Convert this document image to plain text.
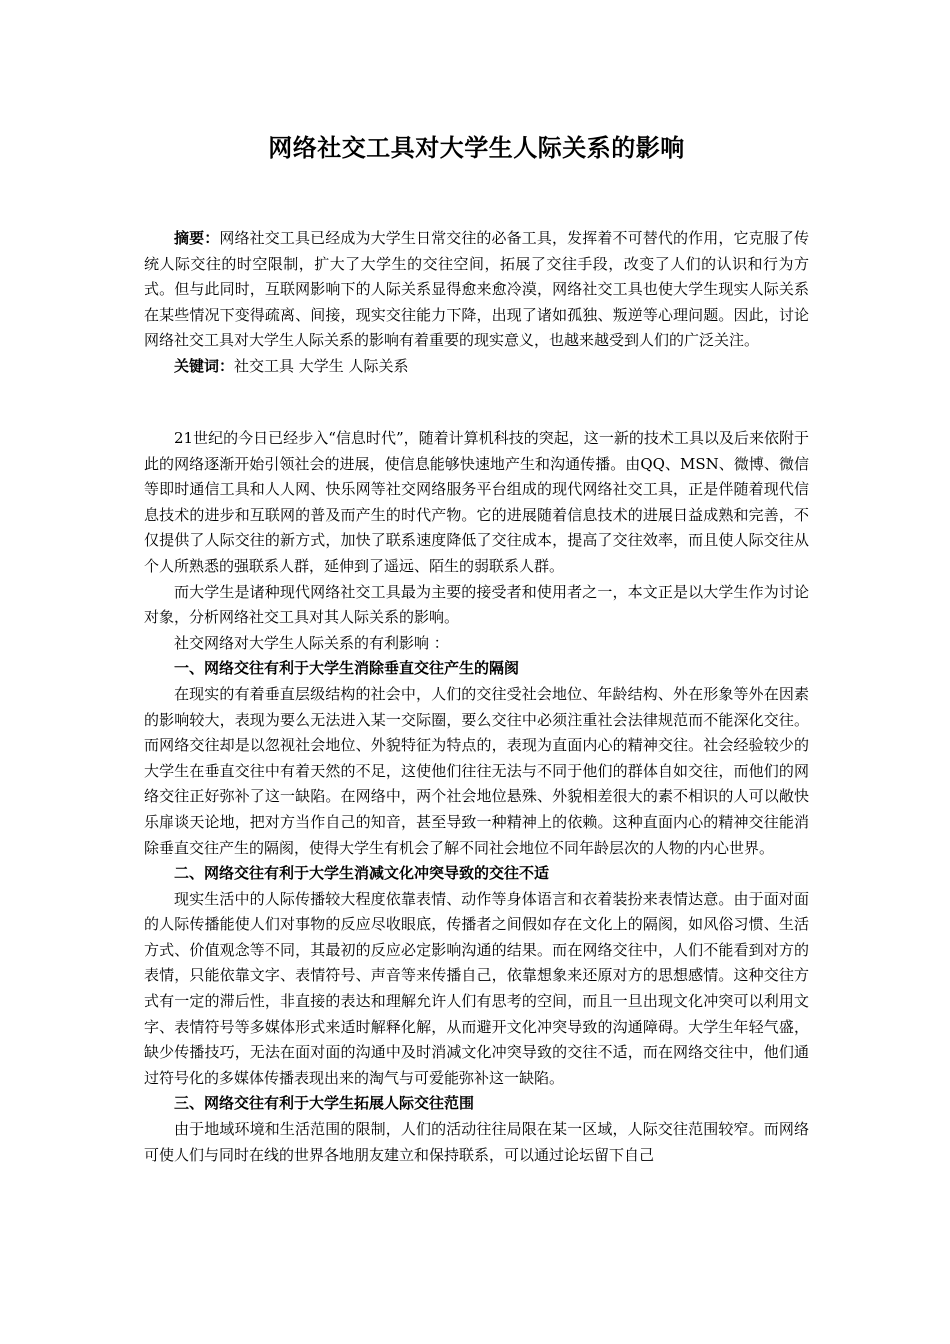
网络社交工具对大学生人际关系的影响

摘要：网络社交工具已经成为大学生日常交往的必备工具，发挥着不可替代的作用，它克服了传统人际交往的时空限制，扩大了大学生的交往空间，拓展了交往手段，改变了人们的认识和行为方式。但与此同时，互联网影响下的人际关系显得愈来愈冷漠，网络社交工具也使大学生现实人际关系在某些情况下变得疏离、间接，现实交往能力下降，出现了诸如孤独、叛逆等心理问题。因此，讨论网络社交工具对大学生人际关系的影响有着重要的现实意义，也越来越受到人们的广泛关注。

关键词：社交工具 大学生 人际关系

21世纪的今日已经步入“信息时代”，随着计算机科技的突起，这一新的技术工具以及后来依附于此的网络逐渐开始引领社会的进展，使信息能够快速地产生和沟通传播。由QQ、MSN、微博、微信等即时通信工具和人人网、快乐网等社交网络服务平台组成的现代网络社交工具，正是伴随着现代信息技术的进步和互联网的普及而产生的时代产物。它的进展随着信息技术的进展日益成熟和完善，不仅提供了人际交往的新方式，加快了联系速度降低了交往成本，提高了交往效率，而且使人际交往从个人所熟悉的强联系人群，延伸到了遥远、陌生的弱联系人群。

而大学生是诸种现代网络社交工具最为主要的接受者和使用者之一，本文正是以大学生作为讨论对象，分析网络社交工具对其人际关系的影响。

社交网络对大学生人际关系的有利影响 ：

一、网络交往有利于大学生消除垂直交往产生的隔阂

在现实的有着垂直层级结构的社会中，人们的交往受社会地位、年龄结构、外在形象等外在因素的影响较大，表现为要么无法进入某一交际圈，要么交往中必须注重社会法律规范而不能深化交往。而网络交往却是以忽视社会地位、外貌特征为特点的，表现为直面内心的精神交往。社会经验较少的大学生在垂直交往中有着天然的不足，这使他们往往无法与不同于他们的群体自如交往，而他们的网络交往正好弥补了这一缺陷。在网络中，两个社会地位悬殊、外貌相差很大的素不相识的人可以敞快乐扉谈天论地，把对方当作自己的知音，甚至导致一种精神上的依赖。这种直面内心的精神交往能消除垂直交往产生的隔阂，使得大学生有机会了解不同社会地位不同年龄层次的人物的内心世界。

二、网络交往有利于大学生消减文化冲突导致的交往不适

现实生活中的人际传播较大程度依靠表情、动作等身体语言和衣着装扮来表情达意。由于面对面的人际传播能使人们对事物的反应尽收眼底，传播者之间假如存在文化上的隔阂，如风俗习惯、生活方式、价值观念等不同，其最初的反应必定影响沟通的结果。而在网络交往中，人们不能看到对方的表情，只能依靠文字、表情符号、声音等来传播自己，依靠想象来还原对方的思想感情。这种交往方式有一定的滞后性，非直接的表达和理解允许人们有思考的空间，而且一旦出现文化冲突可以利用文字、表情符号等多媒体形式来适时解释化解，从而避开文化冲突导致的沟通障碍。大学生年轻气盛，缺少传播技巧，无法在面对面的沟通中及时消减文化冲突导致的交往不适，而在网络交往中，他们通过符号化的多媒体传播表现出来的淘气与可爱能弥补这一缺陷。

三、网络交往有利于大学生拓展人际交往范围

由于地域环境和生活范围的限制，人们的活动往往局限在某一区域，人际交往范围较窄。而网络可使人们与同时在线的世界各地朋友建立和保持联系，可以通过论坛留下自己
